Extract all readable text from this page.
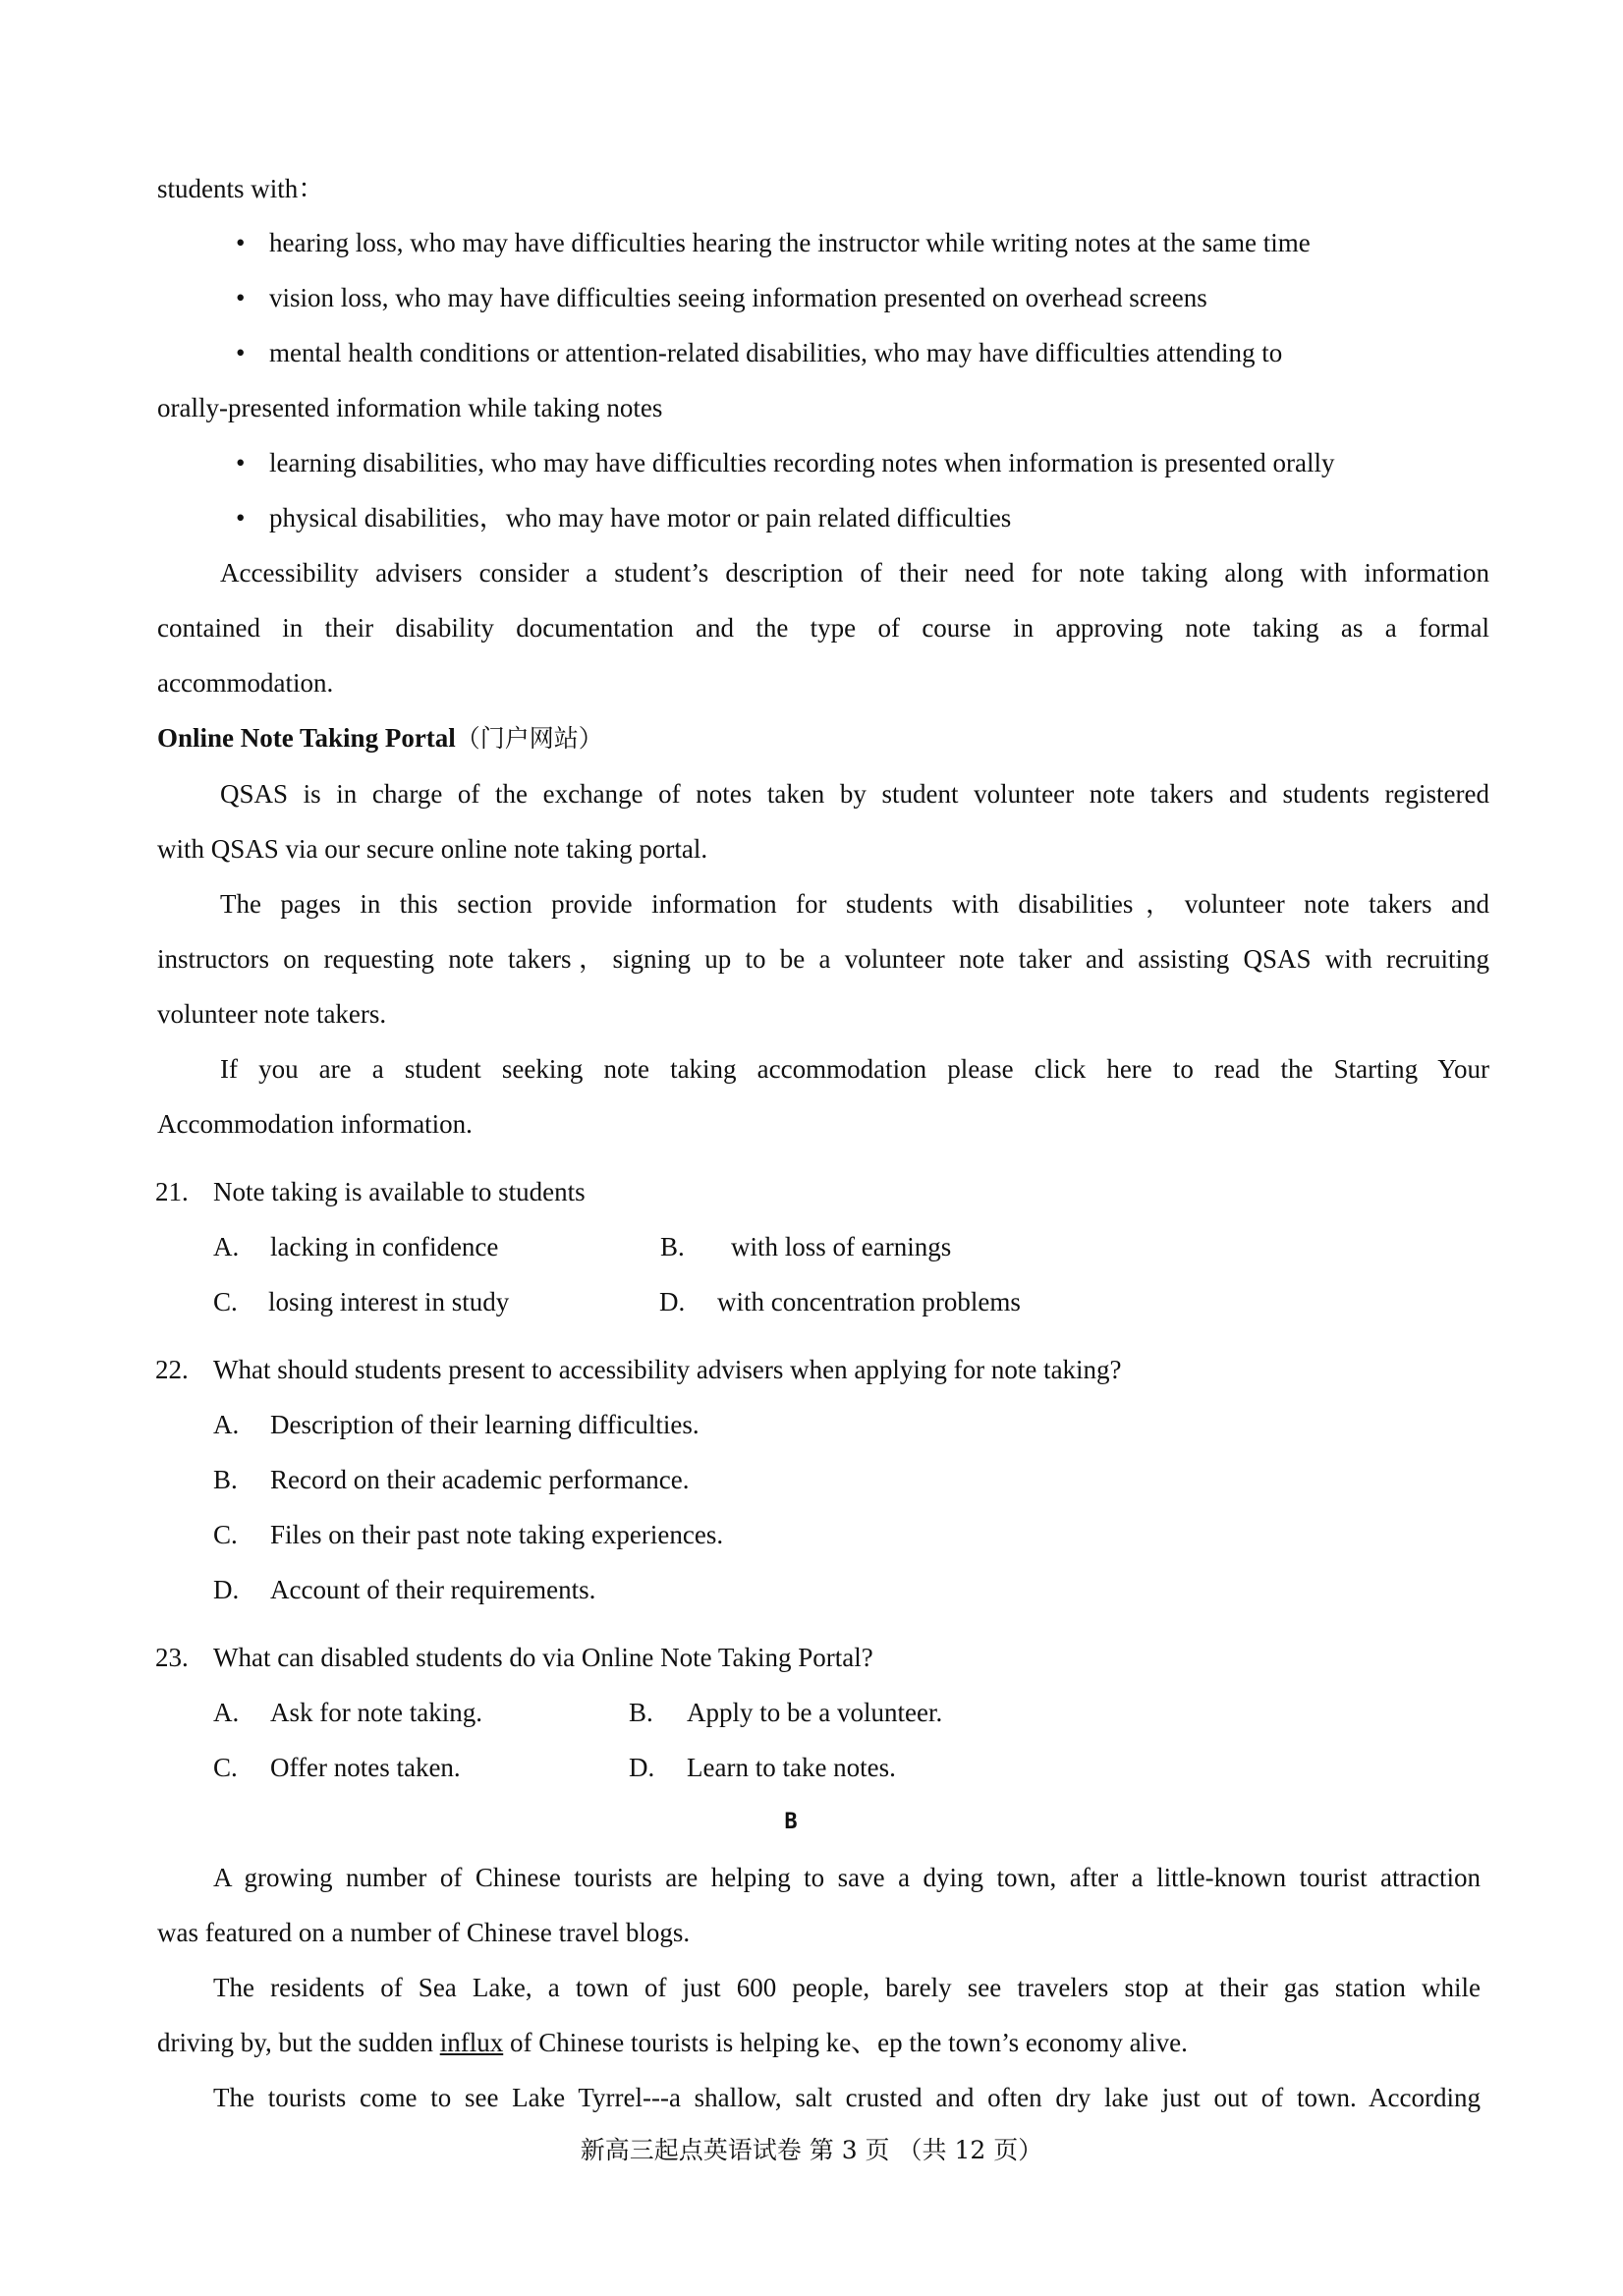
students with：
• hearing loss, who may have difficulties hearing the instructor while writing notes at the same time
• vision loss, who may have difficulties seeing information presented on overhead screens
• mental health conditions or attention-related disabilities, who may have difficulties attending to
orally-presented information while taking notes
• learning disabilities, who may have difficulties recording notes when information is presented orally
• physical disabilities，who may have motor or pain related difficulties
Accessibility advisers consider a student’s description of their need for note taking along with information
contained in their disability documentation and the type of course in approving note taking as a formal
accommodation.
Online Note Taking Portal（门户网站）
QSAS is in charge of the exchange of notes taken by student volunteer note takers and students registered
with QSAS via our secure online note taking portal.
The pages in this section provide information for students with disabilities，volunteer note takers and
instructors on requesting note takers，signing up to be a volunteer note taker and assisting QSAS with recruiting
volunteer note takers.
If you are a student seeking note taking accommodation please click here to read the Starting Your
Accommodation information.
21. Note taking is available to students
A. lacking in confidence	B. with loss of earnings
C. losing interest in study	D. with concentration problems
22. What should students present to accessibility advisers when applying for note taking?
A. Description of their learning difficulties.
B. Record on their academic performance.
C. Files on their past note taking experiences.
D. Account of their requirements.
23. What can disabled students do via Online Note Taking Portal?
A. Ask for note taking.	B. Apply to be a volunteer.
C. Offer notes taken.	D. Learn to take notes.
B
A growing number of Chinese tourists are helping to save a dying town, after a little-known tourist attraction
was featured on a number of Chinese travel blogs.
The residents of Sea Lake, a town of just 600 people, barely see travelers stop at their gas station while
driving by, but the sudden influx of Chinese tourists is helping ke、ep the town’s economy alive.
The tourists come to see Lake Tyrrel---a shallow, salt crusted and often dry lake just out of town. According
新高三起点英语试卷 第 3 页 （共 12 页）
